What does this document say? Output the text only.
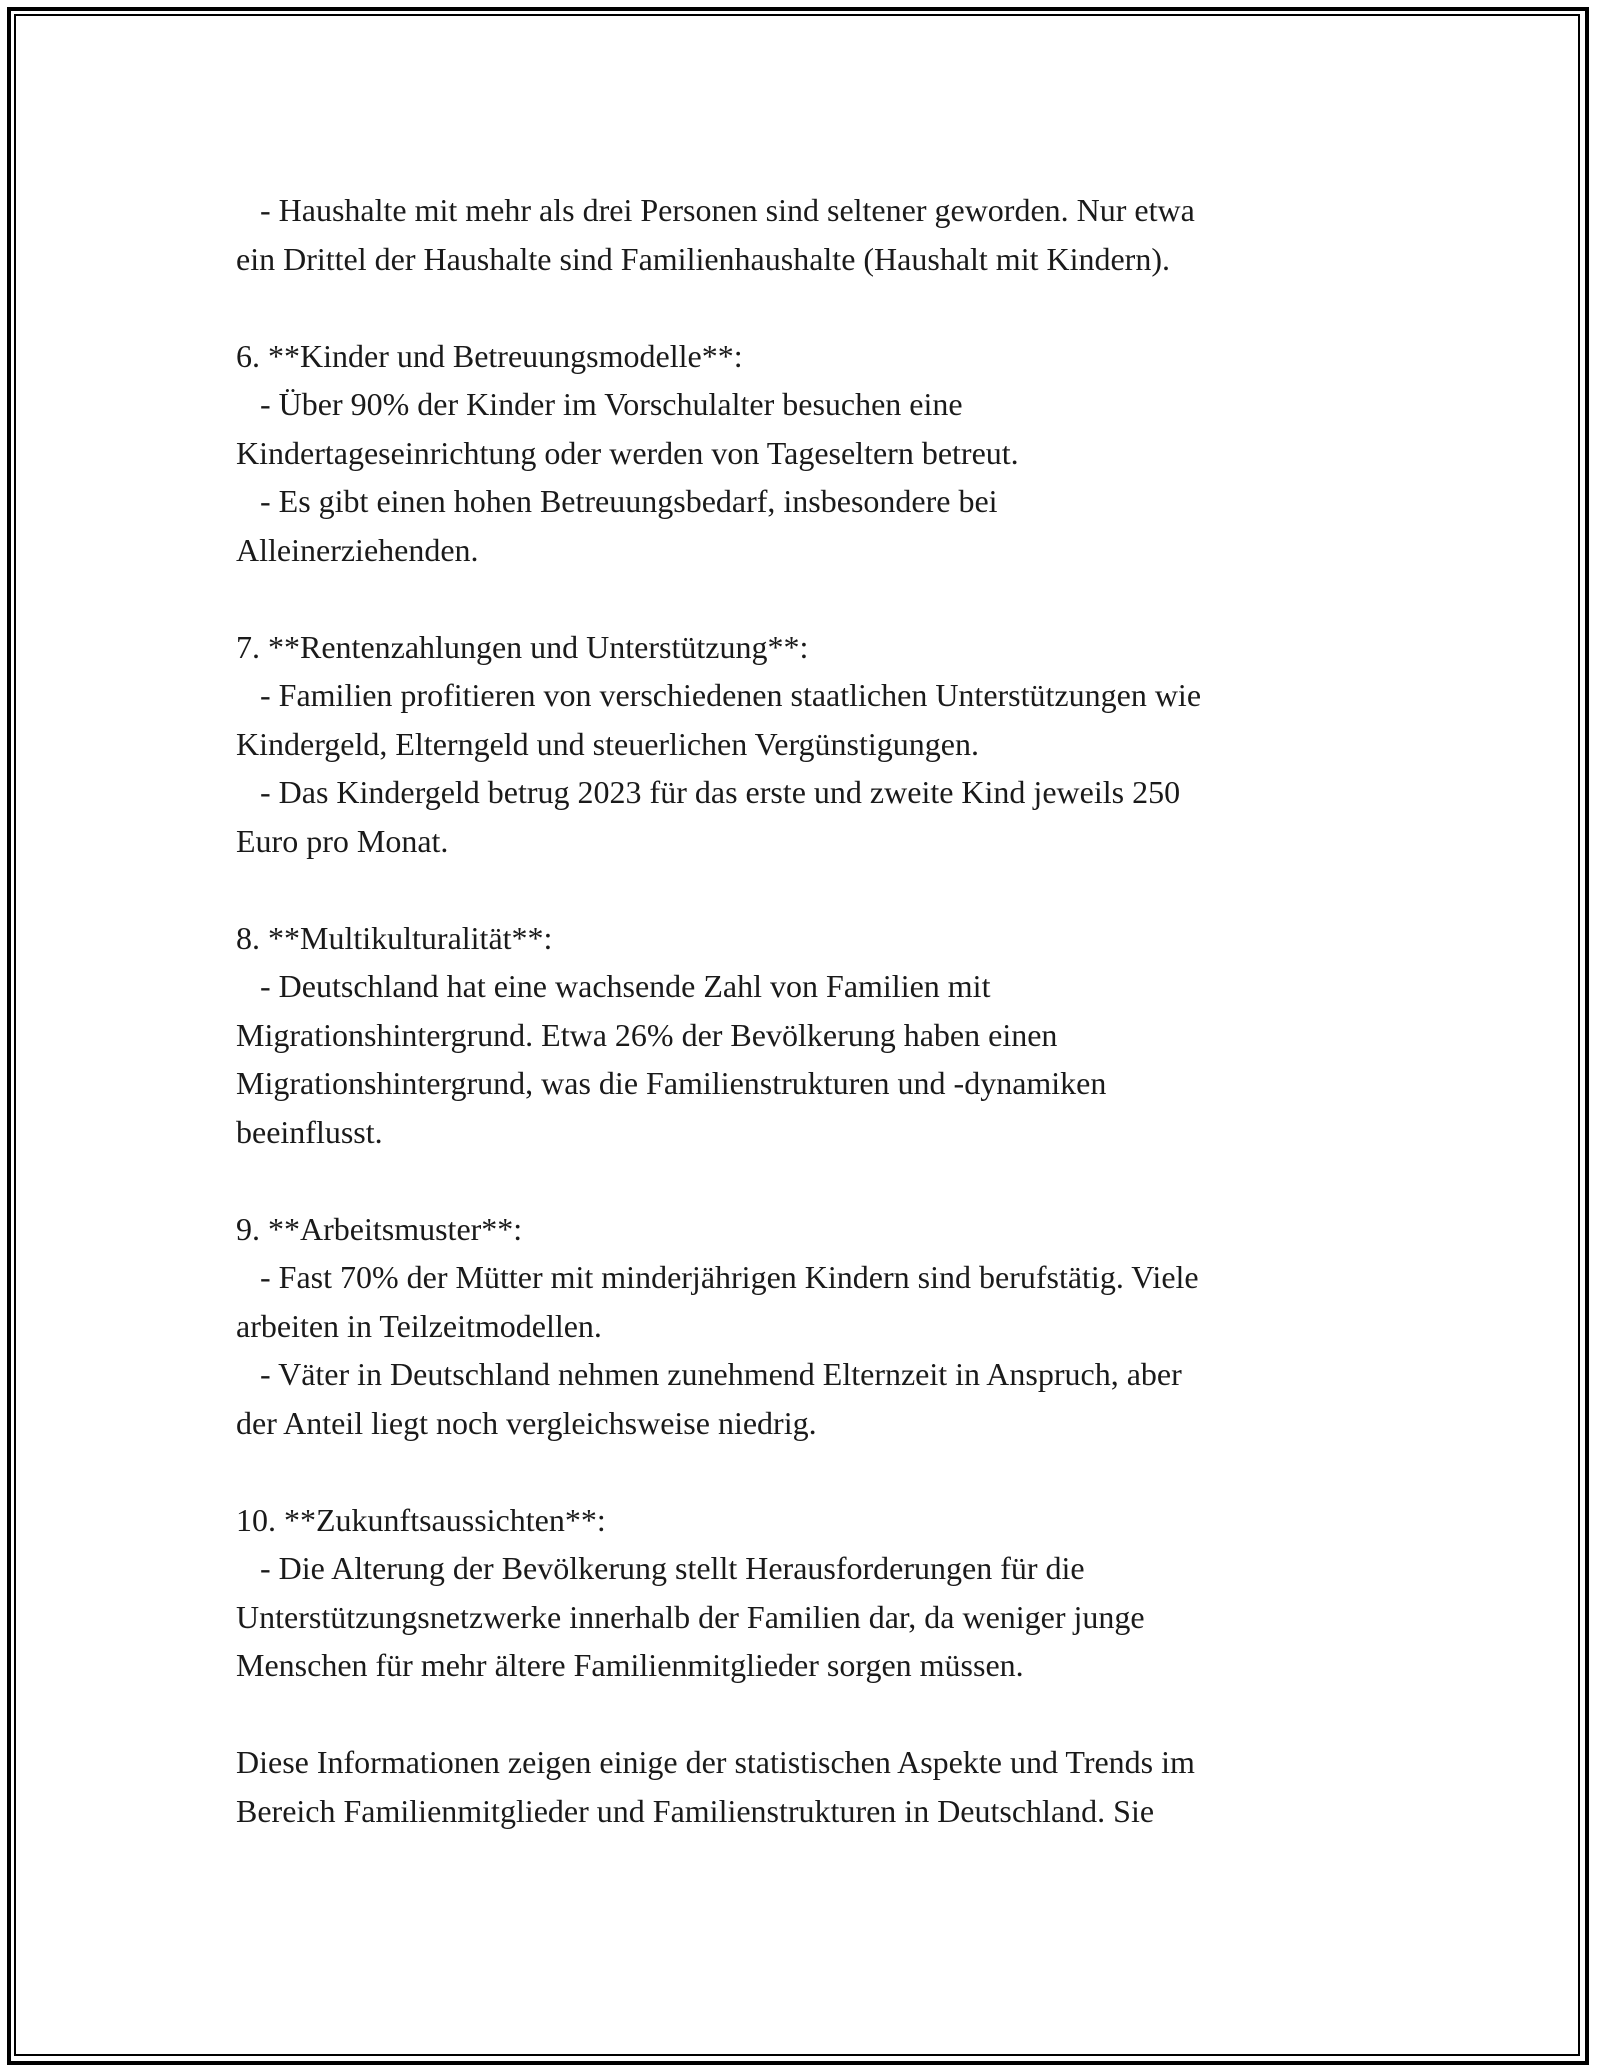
- Haushalte mit mehr als drei Personen sind seltener geworden. Nur etwa
ein Drittel der Haushalte sind Familienhaushalte (Haushalt mit Kindern).
6. **Kinder und Betreuungsmodelle**:
- Über 90% der Kinder im Vorschulalter besuchen eine
Kindertageseinrichtung oder werden von Tageseltern betreut.
- Es gibt einen hohen Betreuungsbedarf, insbesondere bei
Alleinerziehenden.
7. **Rentenzahlungen und Unterstützung**:
- Familien profitieren von verschiedenen staatlichen Unterstützungen wie
Kindergeld, Elterngeld und steuerlichen Vergünstigungen.
- Das Kindergeld betrug 2023 für das erste und zweite Kind jeweils 250
Euro pro Monat.
8. **Multikulturalität**:
- Deutschland hat eine wachsende Zahl von Familien mit
Migrationshintergrund. Etwa 26% der Bevölkerung haben einen
Migrationshintergrund, was die Familienstrukturen und -dynamiken
beeinflusst.
9. **Arbeitsmuster**:
- Fast 70% der Mütter mit minderjährigen Kindern sind berufstätig. Viele
arbeiten in Teilzeitmodellen.
- Väter in Deutschland nehmen zunehmend Elternzeit in Anspruch, aber
der Anteil liegt noch vergleichsweise niedrig.
10. **Zukunftsaussichten**:
- Die Alterung der Bevölkerung stellt Herausforderungen für die
Unterstützungsnetzwerke innerhalb der Familien dar, da weniger junge
Menschen für mehr ältere Familienmitglieder sorgen müssen.
Diese Informationen zeigen einige der statistischen Aspekte und Trends im
Bereich Familienmitglieder und Familienstrukturen in Deutschland. Sie
